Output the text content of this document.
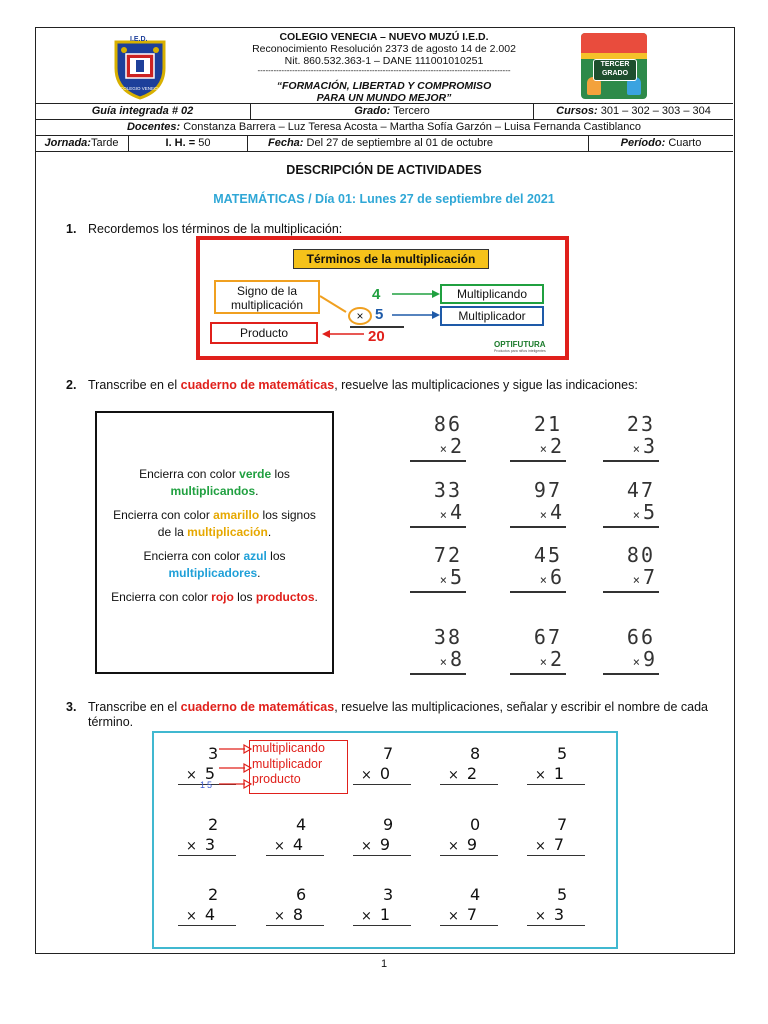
I.E.D.
COLEGIO VENECIA
TERCER
GRADO
COLEGIO VENECIA – NUEVO MUZÚ I.E.D.
Reconocimiento Resolución 2373 de agosto 14 de 2.002
Nit. 860.532.363-1 – DANE 111001010251
-----------------------------------------------------------------------------------------------
“FORMACIÓN, LIBERTAD Y COMPROMISO
PARA UN MUNDO MEJOR”
Guía integrada # 02	Grado: Tercero	Cursos: 301 – 302 – 303 – 304
Docentes: Constanza Barrera – Luz Teresa Acosta – Martha Sofía Garzón – Luisa Fernanda Castiblanco
Jornada:Tarde	I. H. = 50	Fecha: Del 27 de septiembre al 01 de octubre	Período: Cuarto
DESCRIPCIÓN DE ACTIVIDADES
MATEMÁTICAS / Día 01: Lunes 27 de septiembre del 2021
1. Recordemos los términos de la multiplicación:
Términos de la multiplicación
Signo de la multiplicación
Producto
4
× 5
20
Multiplicando
Multiplicador
OPTIFUTURA
Productos para niños inteligentes
2. Transcribe en el cuaderno de matemáticas, resuelve las multiplicaciones y sigue las indicaciones:
Encierra con color verde los multiplicandos.
Encierra con color amarillo los signos de la multiplicación.
Encierra con color azul los multiplicadores.
Encierra con color rojo los productos.
86
× 2
21
× 2
23
× 3
33
× 4
97
× 4
47
× 5
72
× 5
45
× 6
80
× 7
38
× 8
67
× 2
66
× 9
3. Transcribe en el cuaderno de matemáticas, resuelve las multiplicaciones, señalar y escribir el nombre de cada término.
3
× 5
7
× 0
8
× 2
5
× 1
2
× 3
4
× 4
9
× 9
0
× 9
7
× 7
2
× 4
6
× 8
3
× 1
4
× 7
5
× 3
multiplicando
multiplicador
producto
15
1
